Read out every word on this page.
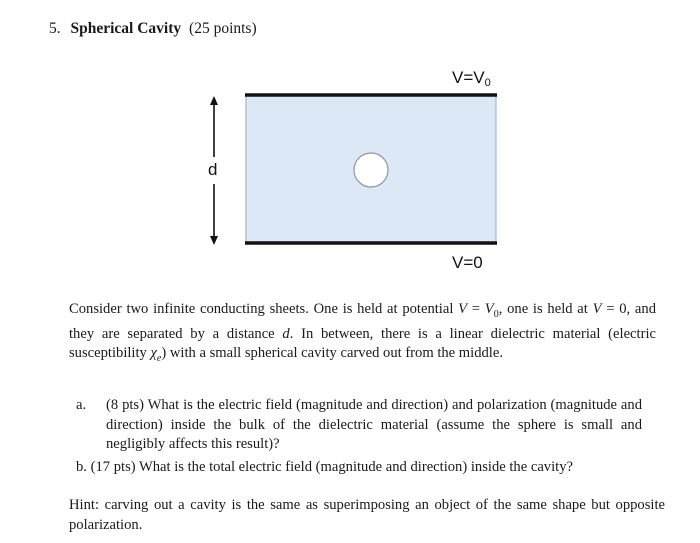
5. Spherical Cavity (25 points)
$V=V_0$
V=0
d
Consider two infinite conducting sheets. One is held at potential $V = V_0$, one is held at V = 0, and they are separated by a distance d. In between, there is a linear dielectric material (electric susceptibility $\chi_e$) with a small spherical cavity carved out from the middle.
a. (8 pts) What is the electric field (magnitude and direction) and polarization (magnitude and direction) inside the bulk of the dielectric material (assume the sphere is small and negligibly affects this result)?
b. (17 pts) What is the total electric field (magnitude and direction) inside the cavity?
Hint: carving out a cavity is the same as superimposing an object of the same shape but opposite polarization.
